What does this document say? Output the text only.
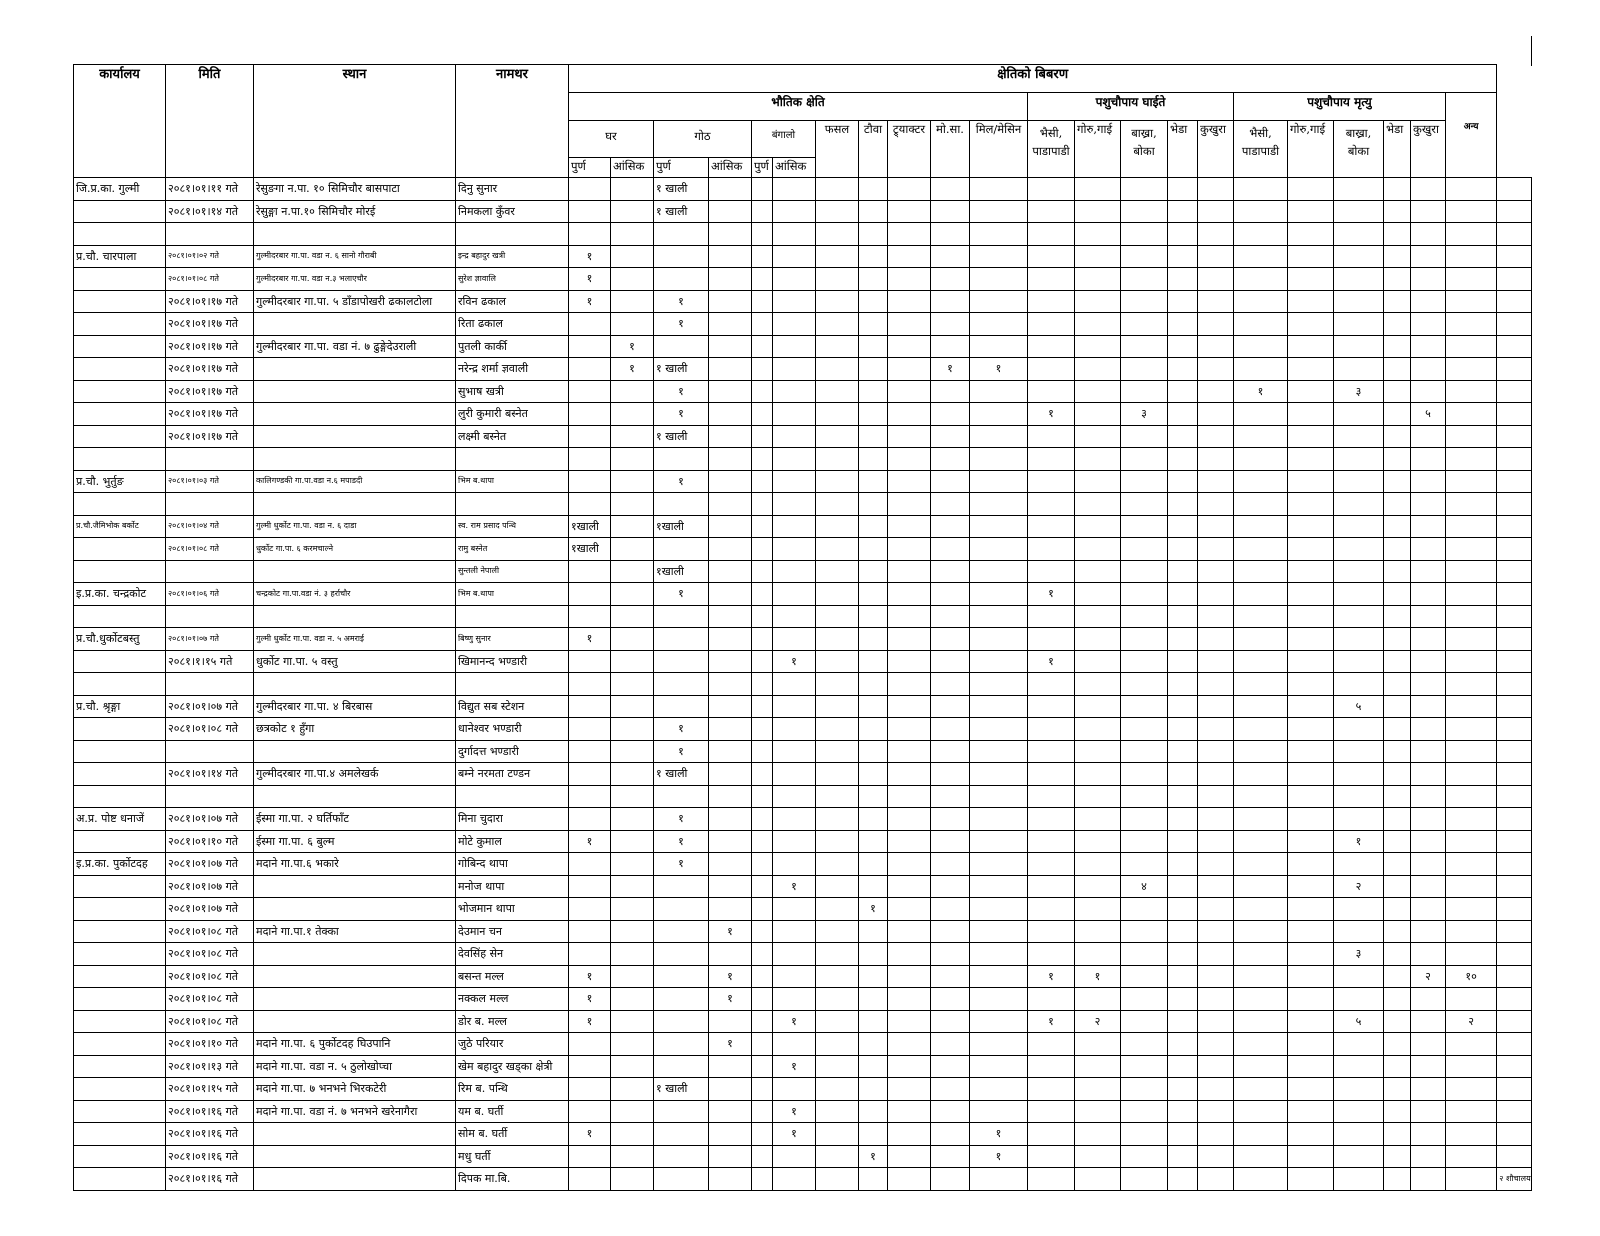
कार्यालय	मिति	स्थान	नामथर	क्षेतिको बिबरण																						
				भौतिक क्षेति											पशुचौपाय घाईते					पशुचौपाय मृत्यु					अन्य	
				घर		गोठ		बंगालो		फसल	टौवा	ट्र्याक्टर	मो.सा.	मिल/मेसिन	भैसी, पाडापाडी	गोरु,गाई	बाख्रा, बोका	भेडा	कुखुरा	भैसी, पाडापाडी	गोरु,गाई	बाख्रा, बोका	भेडा	कुखुरा		
				पुर्ण	आंसिक	पुर्ण	आंसिक	पुर्ण	आंसिक																	
जि.प्र.का. गुल्मी	२०८१।०१।११ गते	रेसुङगा न.पा. १० सिमिचौर बासपाटा	दिनु सुनार			१ खाली																				
	२०८१।०१।१४ गते	रेसुङ्गा न.पा.१० सिमिचौर मोरई	निमकला कुँवर			१ खाली																				

प्र.चौ. चारपाला	२०८१।०१।०२ गते	गुल्मीदरबार गा.पा. वडा न. ६ सानो गौराबी	इन्द्र बहादुर खत्री	१																						
	२०८१।०१।०८ गते	गुल्मीदरबार गा.पा. वडा न.३ भलाएचौर	सुरेश ज्ञावालि	१																						
	२०८१।०१।१७ गते	गुल्मीदरबार गा.पा. ५ डाँडापोखरी ढकालटोला	रविन ढकाल	१		१																				
	२०८१।०१।१७ गते		रिता ढकाल			१																				
	२०८१।०१।१७ गते	गुल्मीदरबार गा.पा. वडा नं. ७ ढुङ्गेदेउराली	पुतली कार्की		१																					
	२०८१।०१।१७ गते		नरेन्द्र शर्मा ज्ञवाली		१	१ खाली							१	१												
	२०८१।०१।१७ गते		सुभाष खत्री			१														१		३				
	२०८१।०१।१७ गते		लुरी कुमारी बस्नेत			१									१		३							५		
	२०८१।०१।१७ गते		लक्ष्मी बस्नेत			१ खाली																				

प्र.चौ. भुर्तुङ	२०८१।०१।०३ गते	कालिगण्डकी गा.पा.वडा न.६ मपाडदी	भिम ब.थापा			१																				

प्र.चौ.जैमिभोक बर्कोट	२०८१।०१।०४ गते	गुल्मी धुर्कोट गा.पा. वडा न. ६ दाडा	स्व. राम प्रसाद पन्थि	१खाली		१खाली																				
	२०८१।०१।०८ गते	धुर्कोट गा.पा. ६ करमचाल्ने	रामु बस्नेत	१खाली																						
			सुन्तली नेपाली			१खाली																				
इ.प्र.का. चन्द्रकोट	२०८१।०१।०६ गते	चन्द्रकोट गा.पा.वडा नं. ३ हर्राचौर	भिम ब.थापा			१									१											

प्र.चौ.धुर्कोटबस्तु	२०८१।०१।०७ गते	गुल्मी धुर्कोट गा.पा. वडा न. ५ अमराई	बिष्णु सुनार	१																						
	२०८१।१।१५ गते	धुर्कोट गा.पा. ५ वस्तु	खिमानन्द भण्डारी						१						१											

प्र.चौ. श्रृङ्गा	२०८१।०१।०७ गते	गुल्मीदरबार गा.पा. ४ बिरबास	विद्युत सब स्टेशन																			५				
	२०८१।०१।०८ गते	छत्रकोट १ हुँगा	धानेश्वर भण्डारी			१																				
			दुर्गादत्त भण्डारी			१																				
	२०८१।०१।१४ गते	गुल्मीदरबार गा.पा.४ अमलेखर्क	बम्ने नरमता टण्डन			१ खाली																				

अ.प्र. पोष्ट धनाजें	२०८१।०१।०७ गते	ईस्मा गा.पा. २ घर्तिफाँट	मिना चुदारा			१																				
	२०८१।०१।१० गते	ईस्मा गा.पा. ६ बुल्म	मोटे कुमाल	१		१																१				
इ.प्र.का. पुर्कोटदह	२०८१।०१।०७ गते	मदाने गा.पा.६ भकारे	गोबिन्द थापा			१																				
	२०८१।०१।०७ गते		मनोज थापा						१								४					२				
	२०८१।०१।०७ गते		भोजमान थापा								१															
	२०८१।०१।०८ गते	मदाने गा.पा.१ तेक्का	देउमान चन				१																			
	२०८१।०१।०८ गते		देवसिंह सेन																			३				
	२०८१।०१।०८ गते		बसन्त मल्ल	१			१								१	१								२	१०	
	२०८१।०१।०८ गते		नक्कल मल्ल	१			१																			
	२०८१।०१।०८ गते		डोर ब. मल्ल	१					१						१	२						५			२	
	२०८१।०१।१० गते	मदाने गा.पा. ६ पुर्कोटदह घिउपानि	जुठे परियार				१																			
	२०८१।०१।१३ गते	मदाने गा.पा. वडा न. ५ ठुलोखोप्चा	खेम बहादुर खड्का क्षेत्री						१																	
	२०८१।०१।१५ गते	मदाने गा.पा. ७ भनभने भिरकटेरी	रिम ब. पन्थि			१ खाली																				
	२०८१।०१।१६ गते	मदाने गा.पा. वडा नं. ७ भनभने खरेनागैरा	यम ब. घर्ती						१																	
	२०८१।०१।१६ गते		सोम ब. घर्ती	१					१					१												
	२०८१।०१।१६ गते		मधु घर्ती								१			१												
	२०८१।०१।१६ गते		दिपक मा.बि.																							२ शौचालय
